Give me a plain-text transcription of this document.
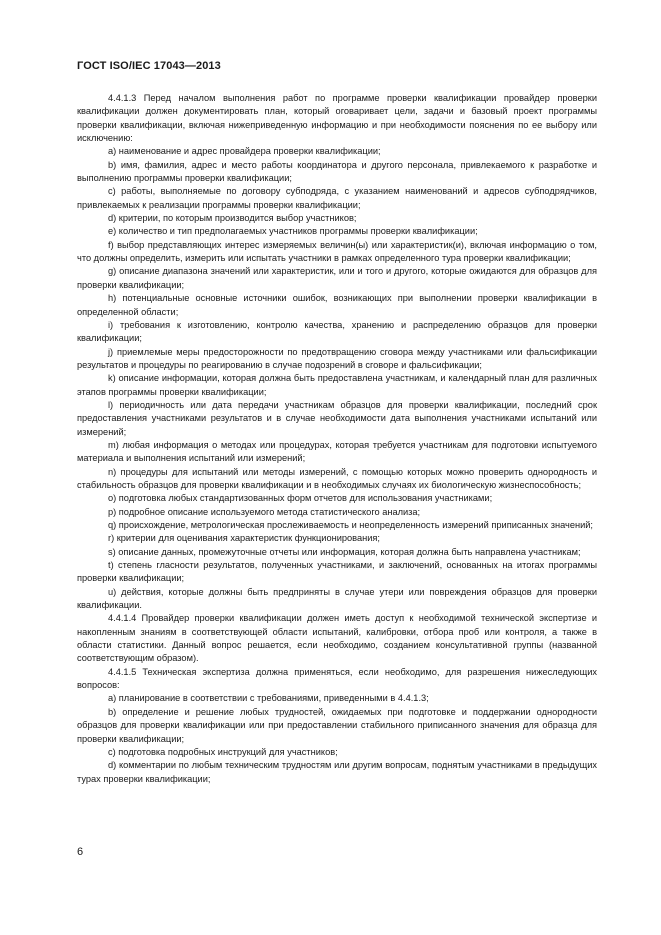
ГОСТ ISO/IEC 17043—2013

4.4.1.3 Перед началом выполнения работ по программе проверки квалификации провайдер проверки квалификации должен документировать план, который оговаривает цели, задачи и базовый проект программы проверки квалификации, включая нижеприведенную информацию и при необходимости пояснения по ее выбору или исключению:

a) наименование и адрес провайдера проверки квалификации;

b) имя, фамилия, адрес и место работы координатора и другого персонала, привлекаемого к разработке и выполнению программы проверки квалификации;

c) работы, выполняемые по договору субподряда, с указанием наименований и адресов субподрядчиков, привлекаемых к реализации программы проверки квалификации;

d) критерии, по которым производится выбор участников;

e) количество и тип предполагаемых участников программы проверки квалификации;

f) выбор представляющих интерес измеряемых величин(ы) или характеристик(и), включая информацию о том, что должны определить, измерить или испытать участники в рамках определенного тура проверки квалификации;

g) описание диапазона значений или характеристик, или и того и другого, которые ожидаются для образцов для проверки квалификации;

h) потенциальные основные источники ошибок, возникающих при выполнении проверки квалификации в определенной области;

i) требования к изготовлению, контролю качества, хранению и распределению образцов для проверки квалификации;

j) приемлемые меры предосторожности по предотвращению сговора между участниками или фальсификации результатов и процедуры по реагированию в случае подозрений в сговоре и фальсификации;

k) описание информации, которая должна быть предоставлена участникам, и календарный план для различных этапов программы проверки квалификации;

l) периодичность или дата передачи участникам образцов для проверки квалификации, последний срок предоставления участниками результатов и в случае необходимости дата выполнения участниками испытаний или измерений;

m) любая информация о методах или процедурах, которая требуется участникам для подготовки испытуемого материала и выполнения испытаний или измерений;

n) процедуры для испытаний или методы измерений, с помощью которых можно проверить однородность и стабильность образцов для проверки квалификации и в необходимых случаях их биологическую жизнеспособность;

o) подготовка любых стандартизованных форм отчетов для использования участниками;

p) подробное описание используемого метода статистического анализа;

q) происхождение, метрологическая прослеживаемость и неопределенность измерений приписанных значений;

r) критерии для оценивания характеристик функционирования;

s) описание данных, промежуточные отчеты или информация, которая должна быть направлена участникам;

t) степень гласности результатов, полученных участниками, и заключений, основанных на итогах программы проверки квалификации;

u) действия, которые должны быть предприняты в случае утери или повреждения образцов для проверки квалификации.

4.4.1.4 Провайдер проверки квалификации должен иметь доступ к необходимой технической экспертизе и накопленным знаниям в соответствующей области испытаний, калибровки, отбора проб или контроля, а также в области статистики. Данный вопрос решается, если необходимо, созданием консультативной группы (названной соответствующим образом).

4.4.1.5 Техническая экспертиза должна применяться, если необходимо, для разрешения нижеследующих вопросов:

a) планирование в соответствии с требованиями, приведенными в 4.4.1.3;

b) определение и решение любых трудностей, ожидаемых при подготовке и поддержании однородности образцов для проверки квалификации или при предоставлении стабильного приписанного значения для образца для проверки квалификации;

c) подготовка подробных инструкций для участников;

d) комментарии по любым техническим трудностям или другим вопросам, поднятым участниками в предыдущих турах проверки квалификации;

6
